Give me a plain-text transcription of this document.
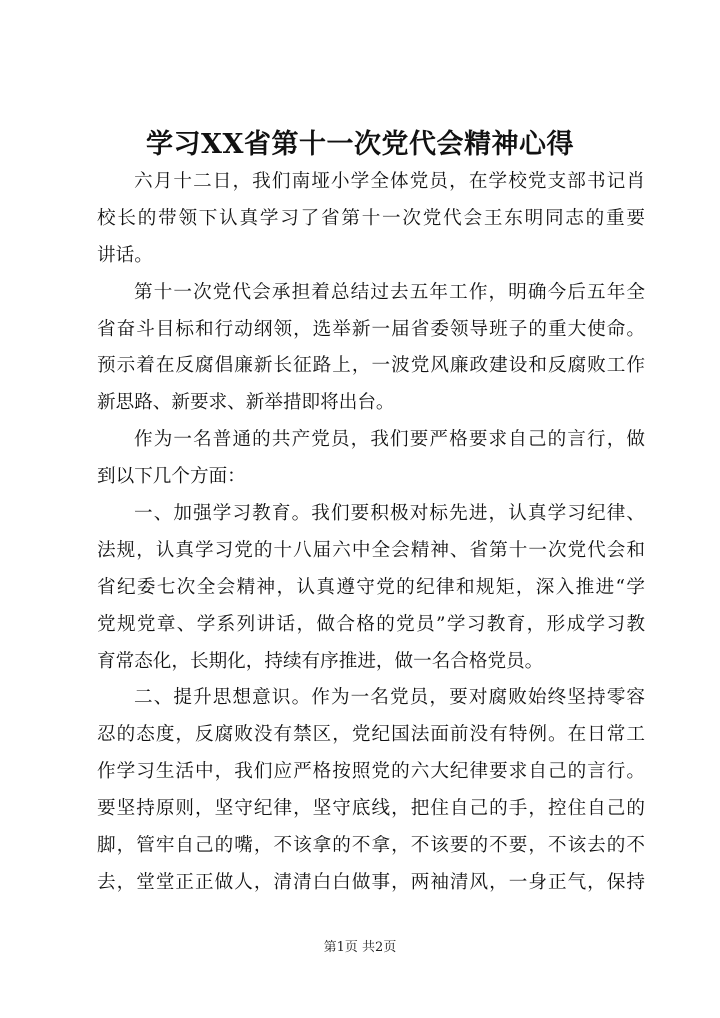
学习XX省第十一次党代会精神心得
六月十二日，我们南垭小学全体党员，在学校党支部书记肖
校长的带领下认真学习了省第十一次党代会王东明同志的重要
讲话。
第十一次党代会承担着总结过去五年工作，明确今后五年全
省奋斗目标和行动纲领，选举新一届省委领导班子的重大使命。
预示着在反腐倡廉新长征路上，一波党风廉政建设和反腐败工作
新思路、新要求、新举措即将出台。
作为一名普通的共产党员，我们要严格要求自己的言行，做
到以下几个方面：
一、加强学习教育。我们要积极对标先进，认真学习纪律、
法规，认真学习党的十八届六中全会精神、省第十一次党代会和
省纪委七次全会精神，认真遵守党的纪律和规矩，深入推进“学
党规党章、学系列讲话，做合格的党员”学习教育，形成学习教
育常态化，长期化，持续有序推进，做一名合格党员。
二、提升思想意识。作为一名党员，要对腐败始终坚持零容
忍的态度，反腐败没有禁区，党纪国法面前没有特例。在日常工
作学习生活中，我们应严格按照党的六大纪律要求自己的言行。
要坚持原则，坚守纪律，坚守底线，把住自己的手，控住自己的
脚，管牢自己的嘴，不该拿的不拿，不该要的不要，不该去的不
去，堂堂正正做人，清清白白做事，两袖清风，一身正气，保持
第1页 共2页
